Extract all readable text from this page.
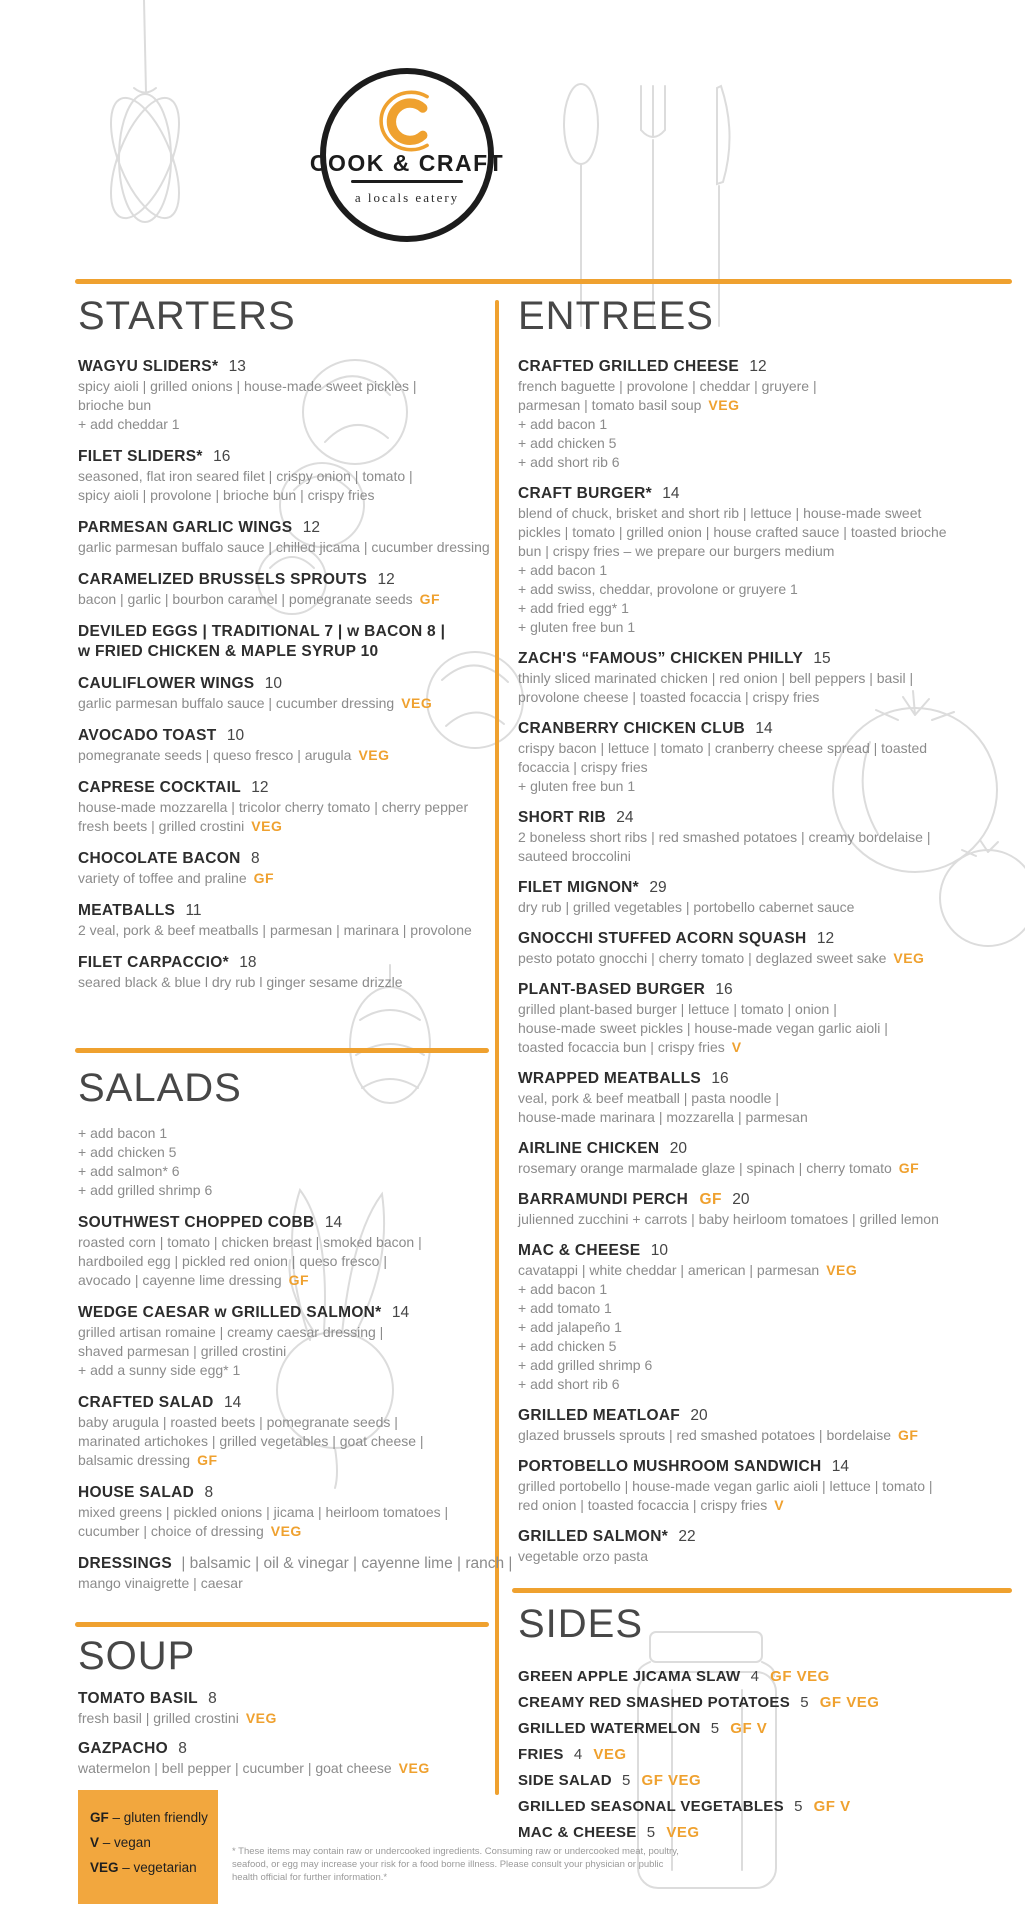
COOK & CRAFT
a locals eatery
STARTERS
WAGYU SLIDERS* 13
spicy aioli | grilled onions | house-made sweet pickles |
brioche bun
+ add cheddar 1
FILET SLIDERS* 16
seasoned, flat iron seared filet | crispy onion | tomato |
spicy aioli | provolone | brioche bun | crispy fries
PARMESAN GARLIC WINGS 12
garlic parmesan buffalo sauce | chilled jicama | cucumber dressing
CARAMELIZED BRUSSELS SPROUTS 12
bacon | garlic | bourbon caramel | pomegranate seeds GF
DEVILED EGGS | TRADITIONAL 7 | w BACON 8 |
w FRIED CHICKEN & MAPLE SYRUP 10
CAULIFLOWER WINGS 10
garlic parmesan buffalo sauce | cucumber dressing VEG
AVOCADO TOAST 10
pomegranate seeds | queso fresco | arugula VEG
CAPRESE COCKTAIL 12
house-made mozzarella | tricolor cherry tomato | cherry pepper
fresh beets | grilled crostini VEG
CHOCOLATE BACON 8
variety of toffee and praline GF
MEATBALLS 11
2 veal, pork & beef meatballs | parmesan | marinara | provolone
FILET CARPACCIO* 18
seared black & blue l dry rub l ginger sesame drizzle
SALADS
+ add bacon 1
+ add chicken 5
+ add salmon* 6
+ add grilled shrimp 6
SOUTHWEST CHOPPED COBB 14
roasted corn | tomato | chicken breast | smoked bacon |
hardboiled egg | pickled red onion | queso fresco |
avocado | cayenne lime dressing GF
WEDGE CAESAR w GRILLED SALMON* 14
grilled artisan romaine | creamy caesar dressing |
shaved parmesan | grilled crostini
+ add a sunny side egg* 1
CRAFTED SALAD 14
baby arugula | roasted beets | pomegranate seeds |
marinated artichokes | grilled vegetables | goat cheese |
balsamic dressing GF
HOUSE SALAD 8
mixed greens | pickled onions | jicama | heirloom tomatoes |
cucumber | choice of dressing VEG
DRESSINGS | balsamic | oil & vinegar | cayenne lime | ranch |
mango vinaigrette | caesar
SOUP
TOMATO BASIL 8
fresh basil | grilled crostini VEG
GAZPACHO 8
watermelon | bell pepper | cucumber | goat cheese VEG
ENTREES
CRAFTED GRILLED CHEESE 12
french baguette | provolone | cheddar | gruyere |
parmesan | tomato basil soup VEG
+ add bacon 1
+ add chicken 5
+ add short rib 6
CRAFT BURGER* 14
blend of chuck, brisket and short rib | lettuce | house-made sweet
pickles | tomato | grilled onion | house crafted sauce | toasted brioche
bun | crispy fries – we prepare our burgers medium
+ add bacon 1
+ add swiss, cheddar, provolone or gruyere 1
+ add fried egg* 1
+ gluten free bun 1
ZACH'S “FAMOUS” CHICKEN PHILLY 15
thinly sliced marinated chicken | red onion | bell peppers | basil |
provolone cheese | toasted focaccia | crispy fries
CRANBERRY CHICKEN CLUB 14
crispy bacon | lettuce | tomato | cranberry cheese spread | toasted
focaccia | crispy fries
+ gluten free bun 1
SHORT RIB 24
2 boneless short ribs | red smashed potatoes | creamy bordelaise |
sauteed broccolini
FILET MIGNON* 29
dry rub | grilled vegetables | portobello cabernet sauce
GNOCCHI STUFFED ACORN SQUASH 12
pesto potato gnocchi | cherry tomato | deglazed sweet sake VEG
PLANT-BASED BURGER 16
grilled plant-based burger | lettuce | tomato | onion |
house-made sweet pickles | house-made vegan garlic aioli |
toasted focaccia bun | crispy fries V
WRAPPED MEATBALLS 16
veal, pork & beef meatball | pasta noodle |
house-made marinara | mozzarella | parmesan
AIRLINE CHICKEN 20
rosemary orange marmalade glaze | spinach | cherry tomato GF
BARRAMUNDI PERCH GF 20
julienned zucchini + carrots | baby heirloom tomatoes | grilled lemon
MAC & CHEESE 10
cavatappi | white cheddar | american | parmesan VEG
+ add bacon 1
+ add tomato 1
+ add jalapeño 1
+ add chicken 5
+ add grilled shrimp 6
+ add short rib 6
GRILLED MEATLOAF 20
glazed brussels sprouts | red smashed potatoes | bordelaise GF
PORTOBELLO MUSHROOM SANDWICH 14
grilled portobello | house-made vegan garlic aioli | lettuce | tomato |
red onion | toasted focaccia | crispy fries V
GRILLED SALMON* 22
vegetable orzo pasta
SIDES
GREEN APPLE JICAMA SLAW 4 GF VEG
CREAMY RED SMASHED POTATOES 5 GF VEG
GRILLED WATERMELON 5 GF V
FRIES 4 VEG
SIDE SALAD 5 GF VEG
GRILLED SEASONAL VEGETABLES 5 GF V
MAC & CHEESE 5 VEG
GF – gluten friendly
V – vegan
VEG – vegetarian
* These items may contain raw or undercooked ingredients. Consuming raw or undercooked meat, poultry, seafood, or egg may increase your risk for a food borne illness. Please consult your physician or public health official for further information.*
